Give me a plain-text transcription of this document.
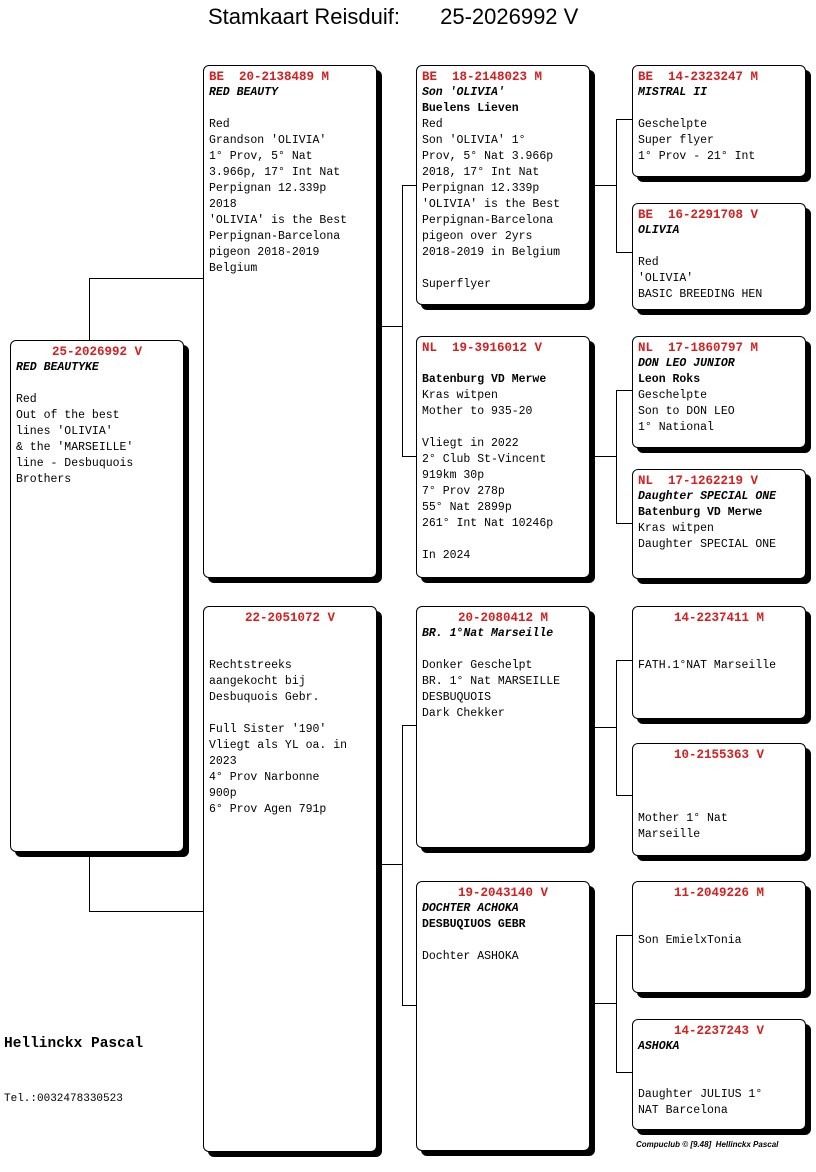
Stamkaart Reisduif: 25-2026992 V
25-2026992 V
RED BEAUTYKE

Red
Out of the best
lines 'OLIVIA'
& the 'MARSEILLE'
line - Desbuquois
Brothers
BE  20-2138489 M
RED BEAUTY

Red
Grandson 'OLIVIA'
1° Prov, 5° Nat
3.966p, 17° Int Nat
Perpignan 12.339p
2018
'OLIVIA' is the Best
Perpignan-Barcelona
pigeon 2018-2019
Belgium
22-2051072 V

Rechtstreeks
aangekocht bij
Desbuquois Gebr.

Full Sister '190'
Vliegt als YL oa. in
2023
4° Prov Narbonne
900p
6° Prov Agen 791p
BE  18-2148023 M
Son 'OLIVIA'
Buelens Lieven
Red
Son 'OLIVIA' 1°
Prov, 5° Nat 3.966p
2018, 17° Int Nat
Perpignan 12.339p
'OLIVIA' is the Best
Perpignan-Barcelona
pigeon over 2yrs
2018-2019 in Belgium

Superflyer
NL  19-3916012 V
Batenburg VD Merwe
Kras witpen
Mother to 935-20

Vliegt in 2022
2° Club St-Vincent
919km 30p
7° Prov 278p
55° Nat 2899p
261° Int Nat 10246p

In 2024
20-2080412 M
BR. 1°Nat Marseille

Donker Geschelpt
BR. 1° Nat MARSEILLE
DESBUQUOIS
Dark Chekker
19-2043140 V
DOCHTER ACHOKA
DESBUQIUOS GEBR

Dochter ASHOKA
BE  14-2323247 M
MISTRAL II

Geschelpte
Super flyer
1° Prov - 21° Int
BE  16-2291708 V
OLIVIA

Red
'OLIVIA'
BASIC BREEDING HEN
NL  17-1860797 M
DON LEO JUNIOR
Leon Roks
Geschelpte
Son to DON LEO
1° National
NL  17-1262219 V
Daughter SPECIAL ONE
Batenburg VD Merwe
Kras witpen
Daughter SPECIAL ONE
14-2237411 M

FATH.1°NAT Marseille
10-2155363 V

Mother 1° Nat
Marseille
11-2049226 M

Son EmielxTonia
14-2237243 V
ASHOKA

Daughter JULIUS 1°
NAT Barcelona
Hellinckx Pascal
Tel.:0032478330523
Compuclub © [9.48]  Hellinckx Pascal
